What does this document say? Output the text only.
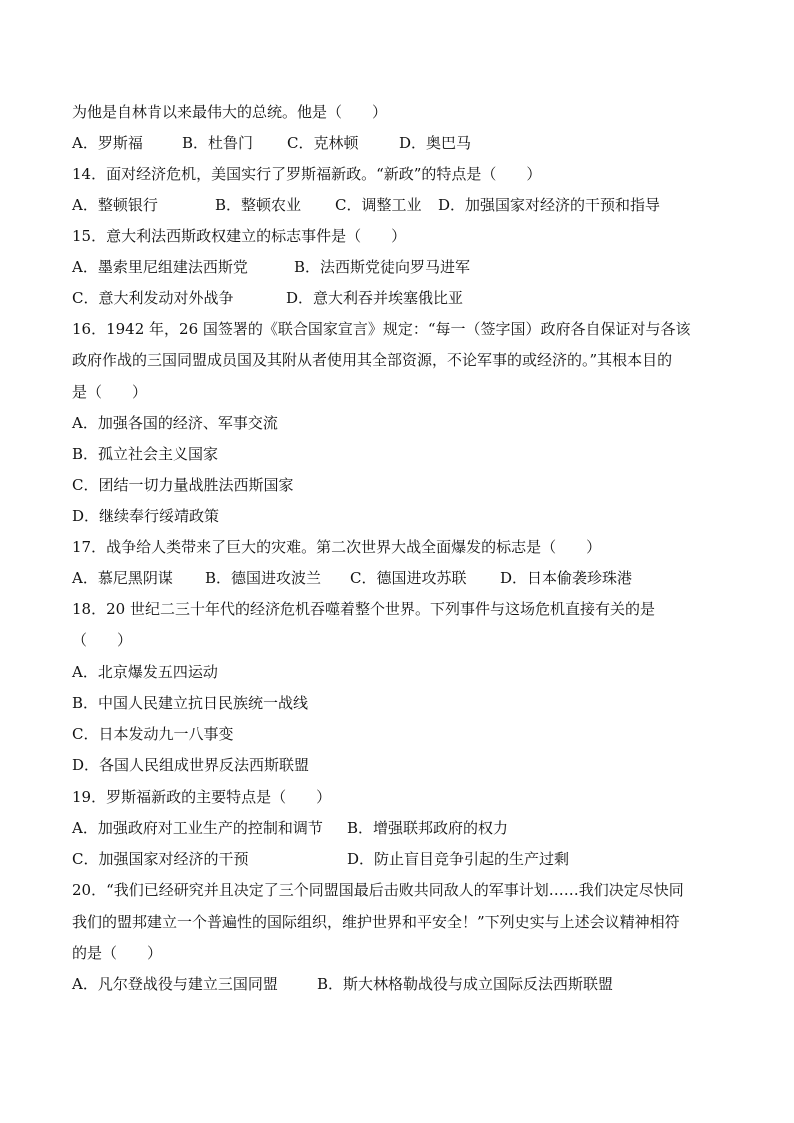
为他是自林肯以来最伟大的总统。他是（　　）

A．罗斯福

	B．杜鲁门

C．克林顿

	D．奥巴马

14．面对经济危机，美国实行了罗斯福新政。“新政”的特点是（　　）

A．整顿银行

	B．整顿农业

C．调整工业

D．加强国家对经济的干预和指导

15．意大利法西斯政权建立的标志事件是（　　）

A．墨索里尼组建法西斯党

	B．法西斯党徒向罗马进军

C．意大利发动对外战争

	D．意大利吞并埃塞俄比亚

16．1942 年，26 国签署的《联合国家宣言》规定：“每一（签字国）政府各自保证对与各该
政府作战的三国同盟成员国及其附从者使用其全部资源，不论军事的或经济的。”其根本目的
是（　　）
A．加强各国的经济、军事交流
B．孤立社会主义国家
C．团结一切力量战胜法西斯国家
D．继续奉行绥靖政策
17．战争给人类带来了巨大的灾难。第二次世界大战全面爆发的标志是（　　）

A．慕尼黑阴谋

B．德国进攻波兰

C．德国进攻苏联

D．日本偷袭珍珠港

18．20 世纪二三十年代的经济危机吞噬着整个世界。下列事件与这场危机直接有关的是
（　　）
A．北京爆发五四运动
B．中国人民建立抗日民族统一战线
C．日本发动九一八事变
D．各国人民组成世界反法西斯联盟
19．罗斯福新政的主要特点是（　　）

A．加强政府对工业生产的控制和调节

B．增强联邦政府的权力

C．加强国家对经济的干预

	D．防止盲目竞争引起的生产过剩

20．“我们已经研究并且决定了三个同盟国最后击败共同敌人的军事计划……我们决定尽快同
我们的盟邦建立一个普遍性的国际组织，维护世界和平安全！”下列史实与上述会议精神相符
的是（　　）

A．凡尔登战役与建立三国同盟

	B．斯大林格勒战役与成立国际反法西斯联盟
